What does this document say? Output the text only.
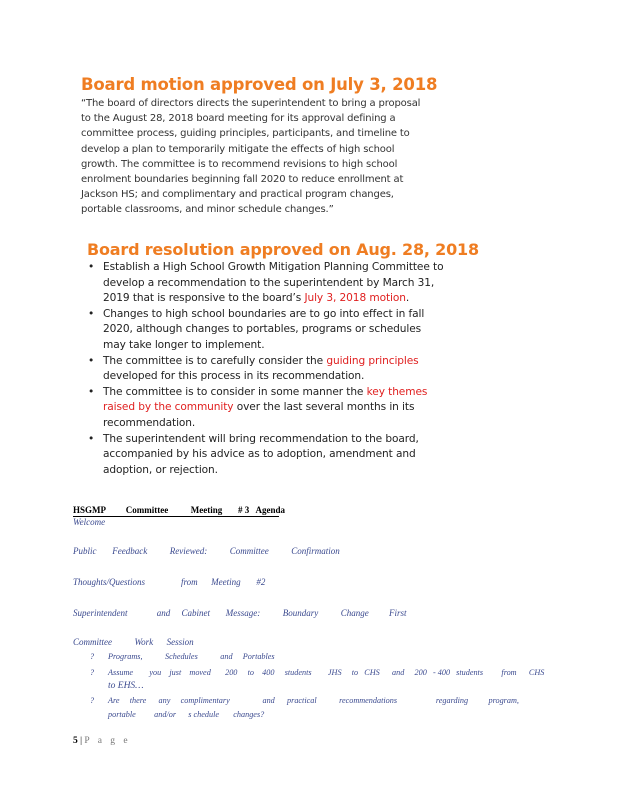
Board motion approved on July 3, 2018
“The board of directors directs the superintendent to bring a proposal to the August 28, 2018 board meeting for its approval defining a committee process, guiding principles, participants, and timeline to develop a plan to temporarily mitigate the effects of high school growth. The committee is to recommend revisions to high school enrolment boundaries beginning fall 2020 to reduce enrollment at Jackson HS; and complimentary and practical program changes, portable classrooms, and minor schedule changes.”
Board resolution approved on Aug. 28, 2018
• Establish a High School Growth Mitigation Planning Committee to develop a recommendation to the superintendent by March 31, 2019 that is responsive to the board’s July 3, 2018 motion.
• Changes to high school boundaries are to go into effect in fall 2020, although changes to portables, programs or schedules may take longer to implement.
• The committee is to carefully consider the guiding principles developed for this process in its recommendation.
• The committee is to consider in some manner the key themes raised by the community over the last several months in its recommendation.
• The superintendent will bring recommendation to the board, accompanied by his advice as to adoption, amendment and adoption, or rejection.
HSGMP         Committee          Meeting       # 3   Agenda
Welcome
Public       Feedback          Reviewed:          Committee          Confirmation
Thoughts/Questions                from      Meeting       #2
Superintendent             and     Cabinet       Message:          Boundary          Change         First
Committee          Work      Session
? Programs,           Schedules           and     Portables
? Assume        you    just    moved       200     to    400     students        JHS     to   CHS      and     200   - 400   students         from      CHS
to EHS…
? Are     there      any     complimentary                and      practical           recommendations                   regarding          program,
portable         and/or      s chedule       changes?
5 | P a g e
